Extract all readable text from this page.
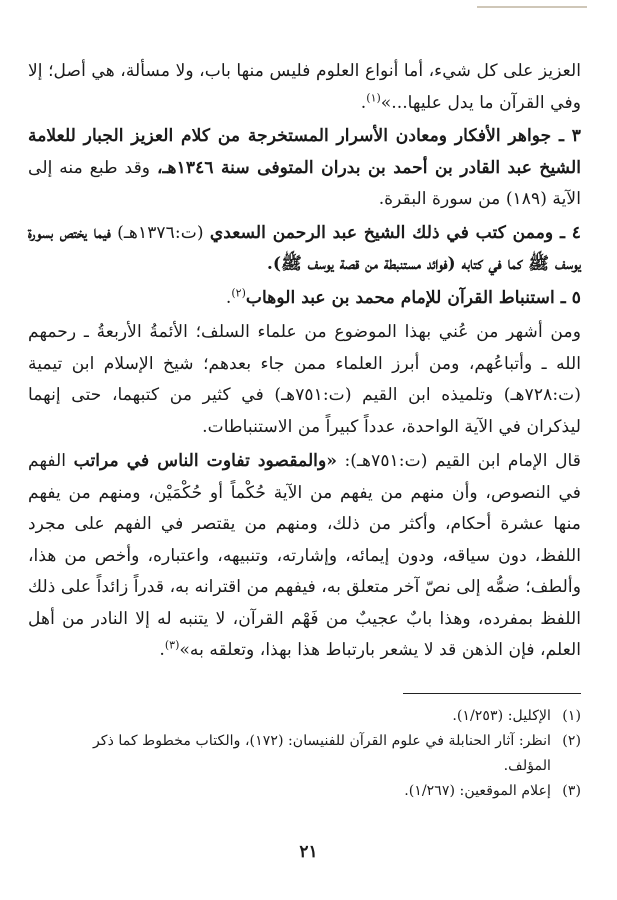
العزيز على كل شيء، أما أنواع العلوم فليس منها باب، ولا مسألة، هي أصل؛ إلا وفي القرآن ما يدل عليها...»$^{(١)}$.

٣ ـ جواهر الأفكار ومعادن الأسرار المستخرجة من كلام العزيز الجبار للعلامة الشيخ عبد القادر بن أحمد بن بدران المتوفى سنة ١٣٤٦هـ، وقد طبع منه إلى الآية (١٨٩) من سورة البقرة.

٤ ـ وممن كتب في ذلك الشيخ عبد الرحمن السعدي (ت:١٣٧٦هـ) فيما يختص بسورة يوسف ﷺ كما في كتابه (فوائد مستنبطة من قصة يوسف ﷺ).

٥ ـ استنباط القرآن للإمام محمد بن عبد الوهاب$^{(٢)}$.

ومن أشهر من عُني بهذا الموضوع من علماء السلف؛ الأئمةُ الأربعةُ ـ رحمهم الله ـ وأتباعُهم، ومن أبرز العلماء ممن جاء بعدهم؛ شيخ الإسلام ابن تيمية (ت:٧٢٨هـ) وتلميذه ابن القيم (ت:٧٥١هـ) في كثير من كتبهما، حتى إنهما ليذكران في الآية الواحدة، عدداً كبيراً من الاستنباطات.

قال الإمام ابن القيم (ت:٧٥١هـ): «والمقصود تفاوت الناس في مراتب الفهم في النصوص، وأن منهم من يفهم من الآية حُكْماً أو حُكْمَيْن، ومنهم من يفهم منها عشرة أحكام، وأكثر من ذلك، ومنهم من يقتصر في الفهم على مجرد اللفظ، دون سياقه، ودون إيمائه، وإشارته، وتنبيهه، واعتباره، وأخص من هذا، وألطف؛ ضمُّه إلى نصّ آخر متعلق به، فيفهم من اقترانه به، قدراً زائداً على ذلك اللفظ بمفرده، وهذا بابٌ عجيبٌ من فَهْم القرآن، لا يتنبه له إلا النادر من أهل العلم، فإن الذهن قد لا يشعر بارتباط هذا بهذا، وتعلقه به»$^{(٣)}$.

(١)
الإكليل: (١/٢٥٣).
(٢)
انظر: آثار الحنابلة في علوم القرآن للفنيسان: (١٧٢)، والكتاب مخطوط كما ذكر
المؤلف.
(٣)
إعلام الموقعين: (١/٢٦٧).
٢١
